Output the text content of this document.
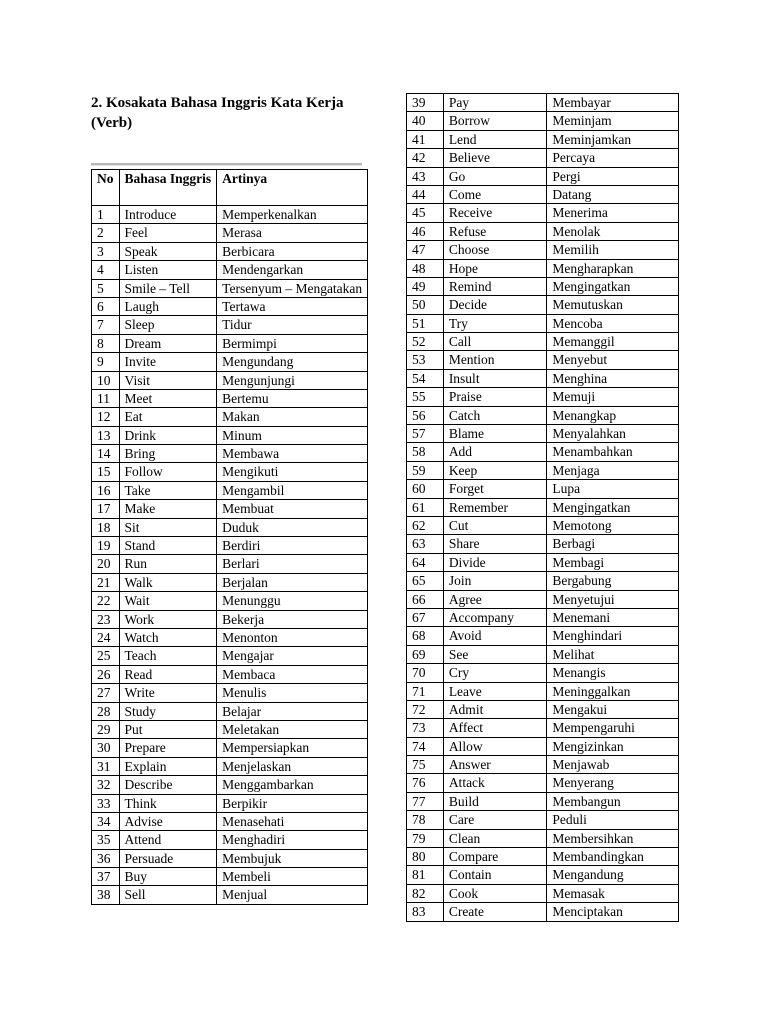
2. Kosakata Bahasa Inggris Kata Kerja (Verb)
No	Bahasa Inggris	Artinya
1	Introduce	Memperkenalkan
2	Feel	Merasa
3	Speak	Berbicara
4	Listen	Mendengarkan
5	Smile – Tell	Tersenyum – Mengatakan
6	Laugh	Tertawa
7	Sleep	Tidur
8	Dream	Bermimpi
9	Invite	Mengundang
10	Visit	Mengunjungi
11	Meet	Bertemu
12	Eat	Makan
13	Drink	Minum
14	Bring	Membawa
15	Follow	Mengikuti
16	Take	Mengambil
17	Make	Membuat
18	Sit	Duduk
19	Stand	Berdiri
20	Run	Berlari
21	Walk	Berjalan
22	Wait	Menunggu
23	Work	Bekerja
24	Watch	Menonton
25	Teach	Mengajar
26	Read	Membaca
27	Write	Menulis
28	Study	Belajar
29	Put	Meletakan
30	Prepare	Mempersiapkan
31	Explain	Menjelaskan
32	Describe	Menggambarkan
33	Think	Berpikir
34	Advise	Menasehati
35	Attend	Menghadiri
36	Persuade	Membujuk
37	Buy	Membeli
38	Sell	Menjual
39	Pay	Membayar
40	Borrow	Meminjam
41	Lend	Meminjamkan
42	Believe	Percaya
43	Go	Pergi
44	Come	Datang
45	Receive	Menerima
46	Refuse	Menolak
47	Choose	Memilih
48	Hope	Mengharapkan
49	Remind	Mengingatkan
50	Decide	Memutuskan
51	Try	Mencoba
52	Call	Memanggil
53	Mention	Menyebut
54	Insult	Menghina
55	Praise	Memuji
56	Catch	Menangkap
57	Blame	Menyalahkan
58	Add	Menambahkan
59	Keep	Menjaga
60	Forget	Lupa
61	Remember	Mengingatkan
62	Cut	Memotong
63	Share	Berbagi
64	Divide	Membagi
65	Join	Bergabung
66	Agree	Menyetujui
67	Accompany	Menemani
68	Avoid	Menghindari
69	See	Melihat
70	Cry	Menangis
71	Leave	Meninggalkan
72	Admit	Mengakui
73	Affect	Mempengaruhi
74	Allow	Mengizinkan
75	Answer	Menjawab
76	Attack	Menyerang
77	Build	Membangun
78	Care	Peduli
79	Clean	Membersihkan
80	Compare	Membandingkan
81	Contain	Mengandung
82	Cook	Memasak
83	Create	Menciptakan
